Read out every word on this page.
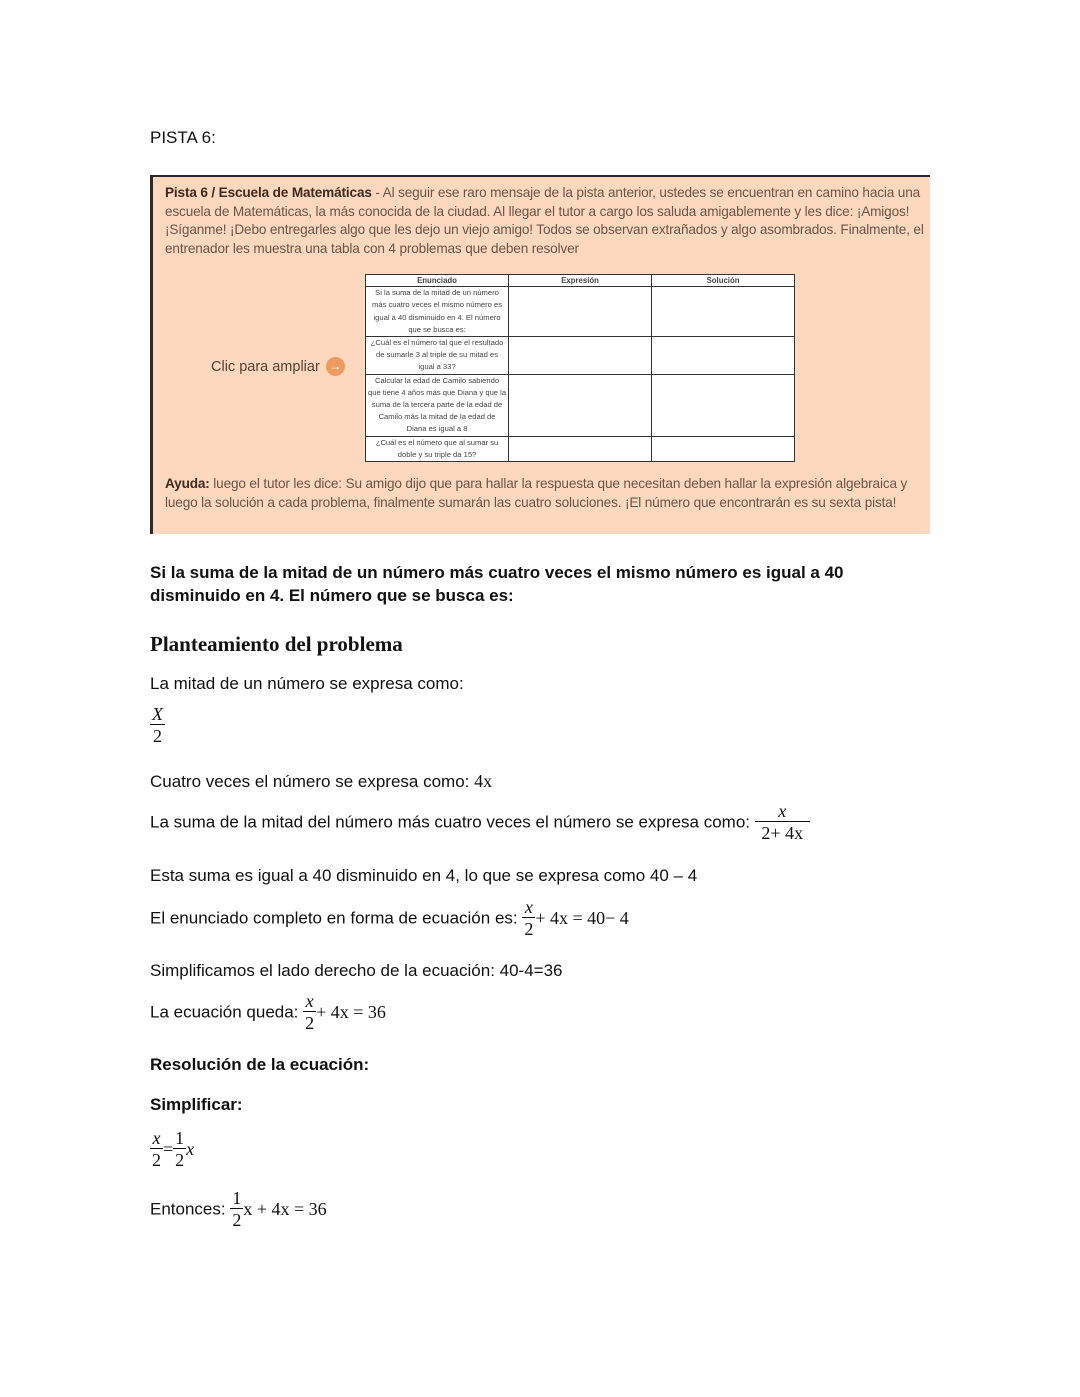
PISTA 6:
Pista 6 / Escuela de Matemáticas - Al seguir ese raro mensaje de la pista anterior, ustedes se encuentran en camino hacia una escuela de Matemáticas, la más conocida de la ciudad. Al llegar el tutor a cargo los saluda amigablemente y les dice: ¡Amigos! ¡Síganme! ¡Debo entregarles algo que les dejo un viejo amigo! Todos se observan extrañados y algo asombrados. Finalmente, el entrenador les muestra una tabla con 4 problemas que deben resolver
Clic para ampliar →
Enunciado	Expresión	Solución
Si la suma de la mitad de un número más cuatro veces el mismo número es igual a 40 disminuido en 4. El número que se busca es:		
¿Cuál es el número tal que el resultado de sumarle 3 al triple de su mitad es igual a 33?		
Calcular la edad de Camilo sabiendo que tiene 4 años más que Diana y que la suma de la tercera parte de la edad de Camilo más la mitad de la edad de Diana es igual a 8		
¿Cuál es el número que al sumar su doble y su triple da 15?		
Ayuda: luego el tutor les dice: Su amigo dijo que para hallar la respuesta que necesitan deben hallar la expresión algebraica y luego la solución a cada problema, finalmente sumarán las cuatro soluciones. ¡El número que encontrarán es su sexta pista!
Si la suma de la mitad de un número más cuatro veces el mismo número es igual a 40 disminuido en 4. El número que se busca es:
Planteamiento del problema
La mitad de un número se expresa como:
$\frac{X}{2}$
Cuatro veces el número se expresa como: 4x
La suma de la mitad del número más cuatro veces el número se expresa como: $\frac{x}{2+ 4x}$
Esta suma es igual a 40 disminuido en 4, lo que se expresa como 40 – 4
El enunciado completo en forma de ecuación es: $\frac{x}{2} + 4x = 40- 4$
Simplificamos el lado derecho de la ecuación: 40-4=36
La ecuación queda: $\frac{x}{2} + 4x = 36$
Resolución de la ecuación:
Simplificar:
$\frac{x}{2} = \frac{1}{2}$ x
Entonces: $\frac{1}{2}$ x + 4x = 36
